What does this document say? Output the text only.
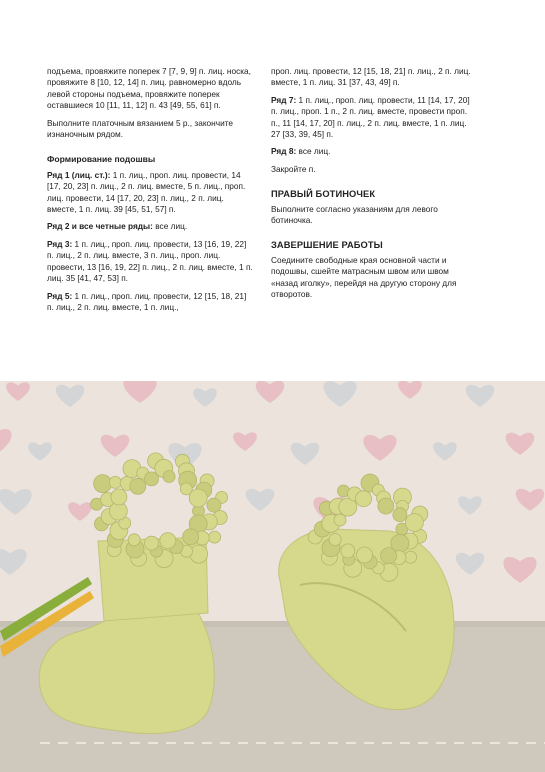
подъема, провяжите поперек 7 [7, 9, 9] п. лиц. носка, провяжите 8 [10, 12, 14] п. лиц. равномерно вдоль левой стороны подъема, провяжите поперек оставшиеся 10 [11, 11, 12] п. 43 [49, 55, 61] п.

Выполните платочным вязанием 5 р., закончите изнаночным рядом.

Формирование подошвы

Ряд 1 (лиц. ст.): 1 п. лиц., проп. лиц. провести, 14 [17, 20, 23] п. лиц., 2 п. лиц. вместе, 5 п. лиц., проп. лиц. провести, 14 [17, 20, 23] п. лиц., 2 п. лиц. вместе, 1 п. лиц. 39 [45, 51, 57] п.

Ряд 2 и все четные ряды: все лиц.

Ряд 3: 1 п. лиц., проп. лиц. провести, 13 [16, 19, 22] п. лиц., 2 п. лиц. вместе, 3 п. лиц., проп. лиц. провести, 13 [16, 19, 22] п. лиц., 2 п. лиц. вместе, 1 п. лиц. 35 [41, 47, 53] п.

Ряд 5: 1 п. лиц., проп. лиц. провести, 12 [15, 18, 21] п. лиц., 2 п. лиц. вместе, 1 п. лиц.,

проп. лиц. провести, 12 [15, 18, 21] п. лиц., 2 п. лиц. вместе, 1 п. лиц. 31 [37, 43, 49] п.

Ряд 7: 1 п. лиц., проп. лиц. провести, 11 [14, 17, 20] п. лиц., проп. 1 п., 2 п. лиц. вместе, провести проп. п., 11 [14, 17, 20] п. лиц., 2 п. лиц. вместе, 1 п. лиц. 27 [33, 39, 45] п.

Ряд 8: все лиц.

Закройте п.

ПРАВЫЙ БОТИНОЧЕК

Выполните согласно указаниям для левого ботиночка.

ЗАВЕРШЕНИЕ РАБОТЫ

Соедините свободные края основной части и подошвы, сшейте матрасным швом или швом «назад иголку», перейдя на другую сторону для отворотов.
